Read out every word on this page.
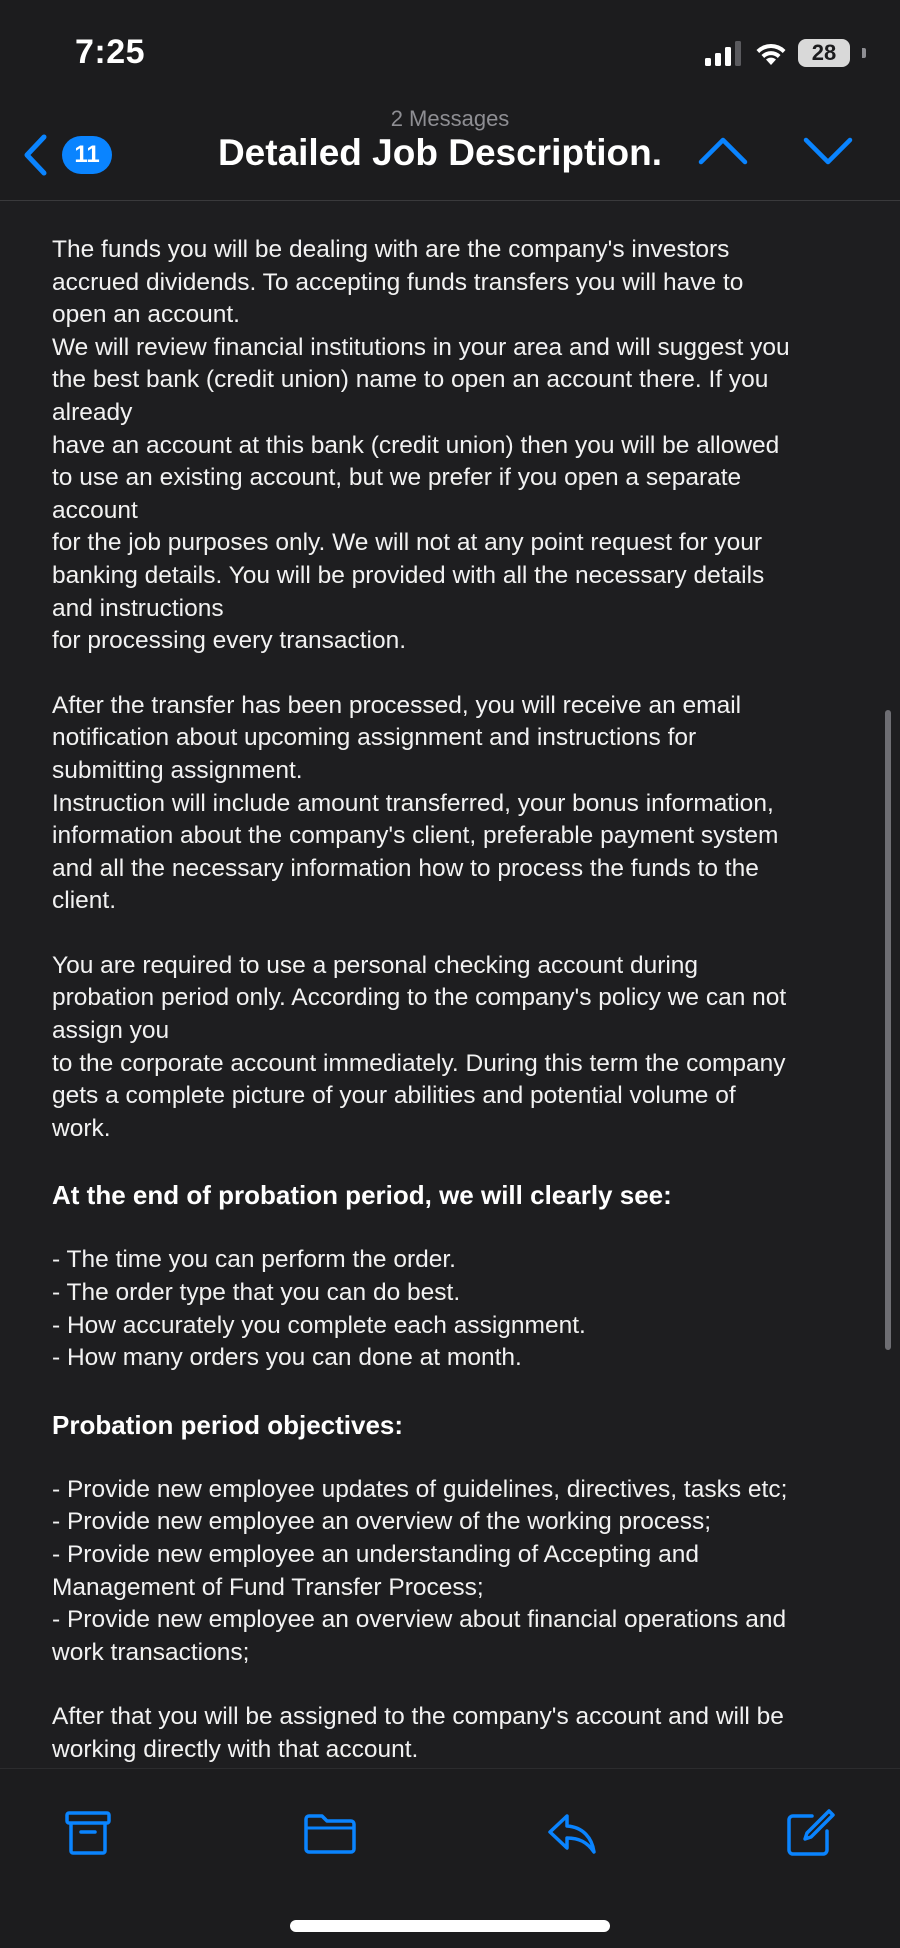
7:25	28
2 Messages
11	Detailed Job Description.
The funds you will be dealing with are the company's investors
accrued dividends. To accepting funds transfers you will have to
open an account.
We will review financial institutions in your area and will suggest you
the best bank (credit union) name to open an account there. If you
already
have an account at this bank (credit union) then you will be allowed
to use an existing account, but we prefer if you open a separate
account
for the job purposes only. We will not at any point request for your
banking details. You will be provided with all the necessary details
and instructions
for processing every transaction.
After the transfer has been processed, you will receive an email
notification about upcoming assignment and instructions for
submitting assignment.
Instruction will include amount transferred, your bonus information,
information about the company's client, preferable payment system
and all the necessary information how to process the funds to the
client.
You are required to use a personal checking account during
probation period only. According to the company's policy we can not
assign you
to the corporate account immediately. During this term the company
gets a complete picture of your abilities and potential volume of
work.
At the end of probation period, we will clearly see:
- The time you can perform the order.
- The order type that you can do best.
- How accurately you complete each assignment.
- How many orders you can done at month.
Probation period objectives:
- Provide new employee updates of guidelines, directives, tasks etc;
- Provide new employee an overview of the working process;
- Provide new employee an understanding of Accepting and
Management of Fund Transfer Process;
- Provide new employee an overview about financial operations and
work transactions;
After that you will be assigned to the company's account and will be
working directly with that account.
